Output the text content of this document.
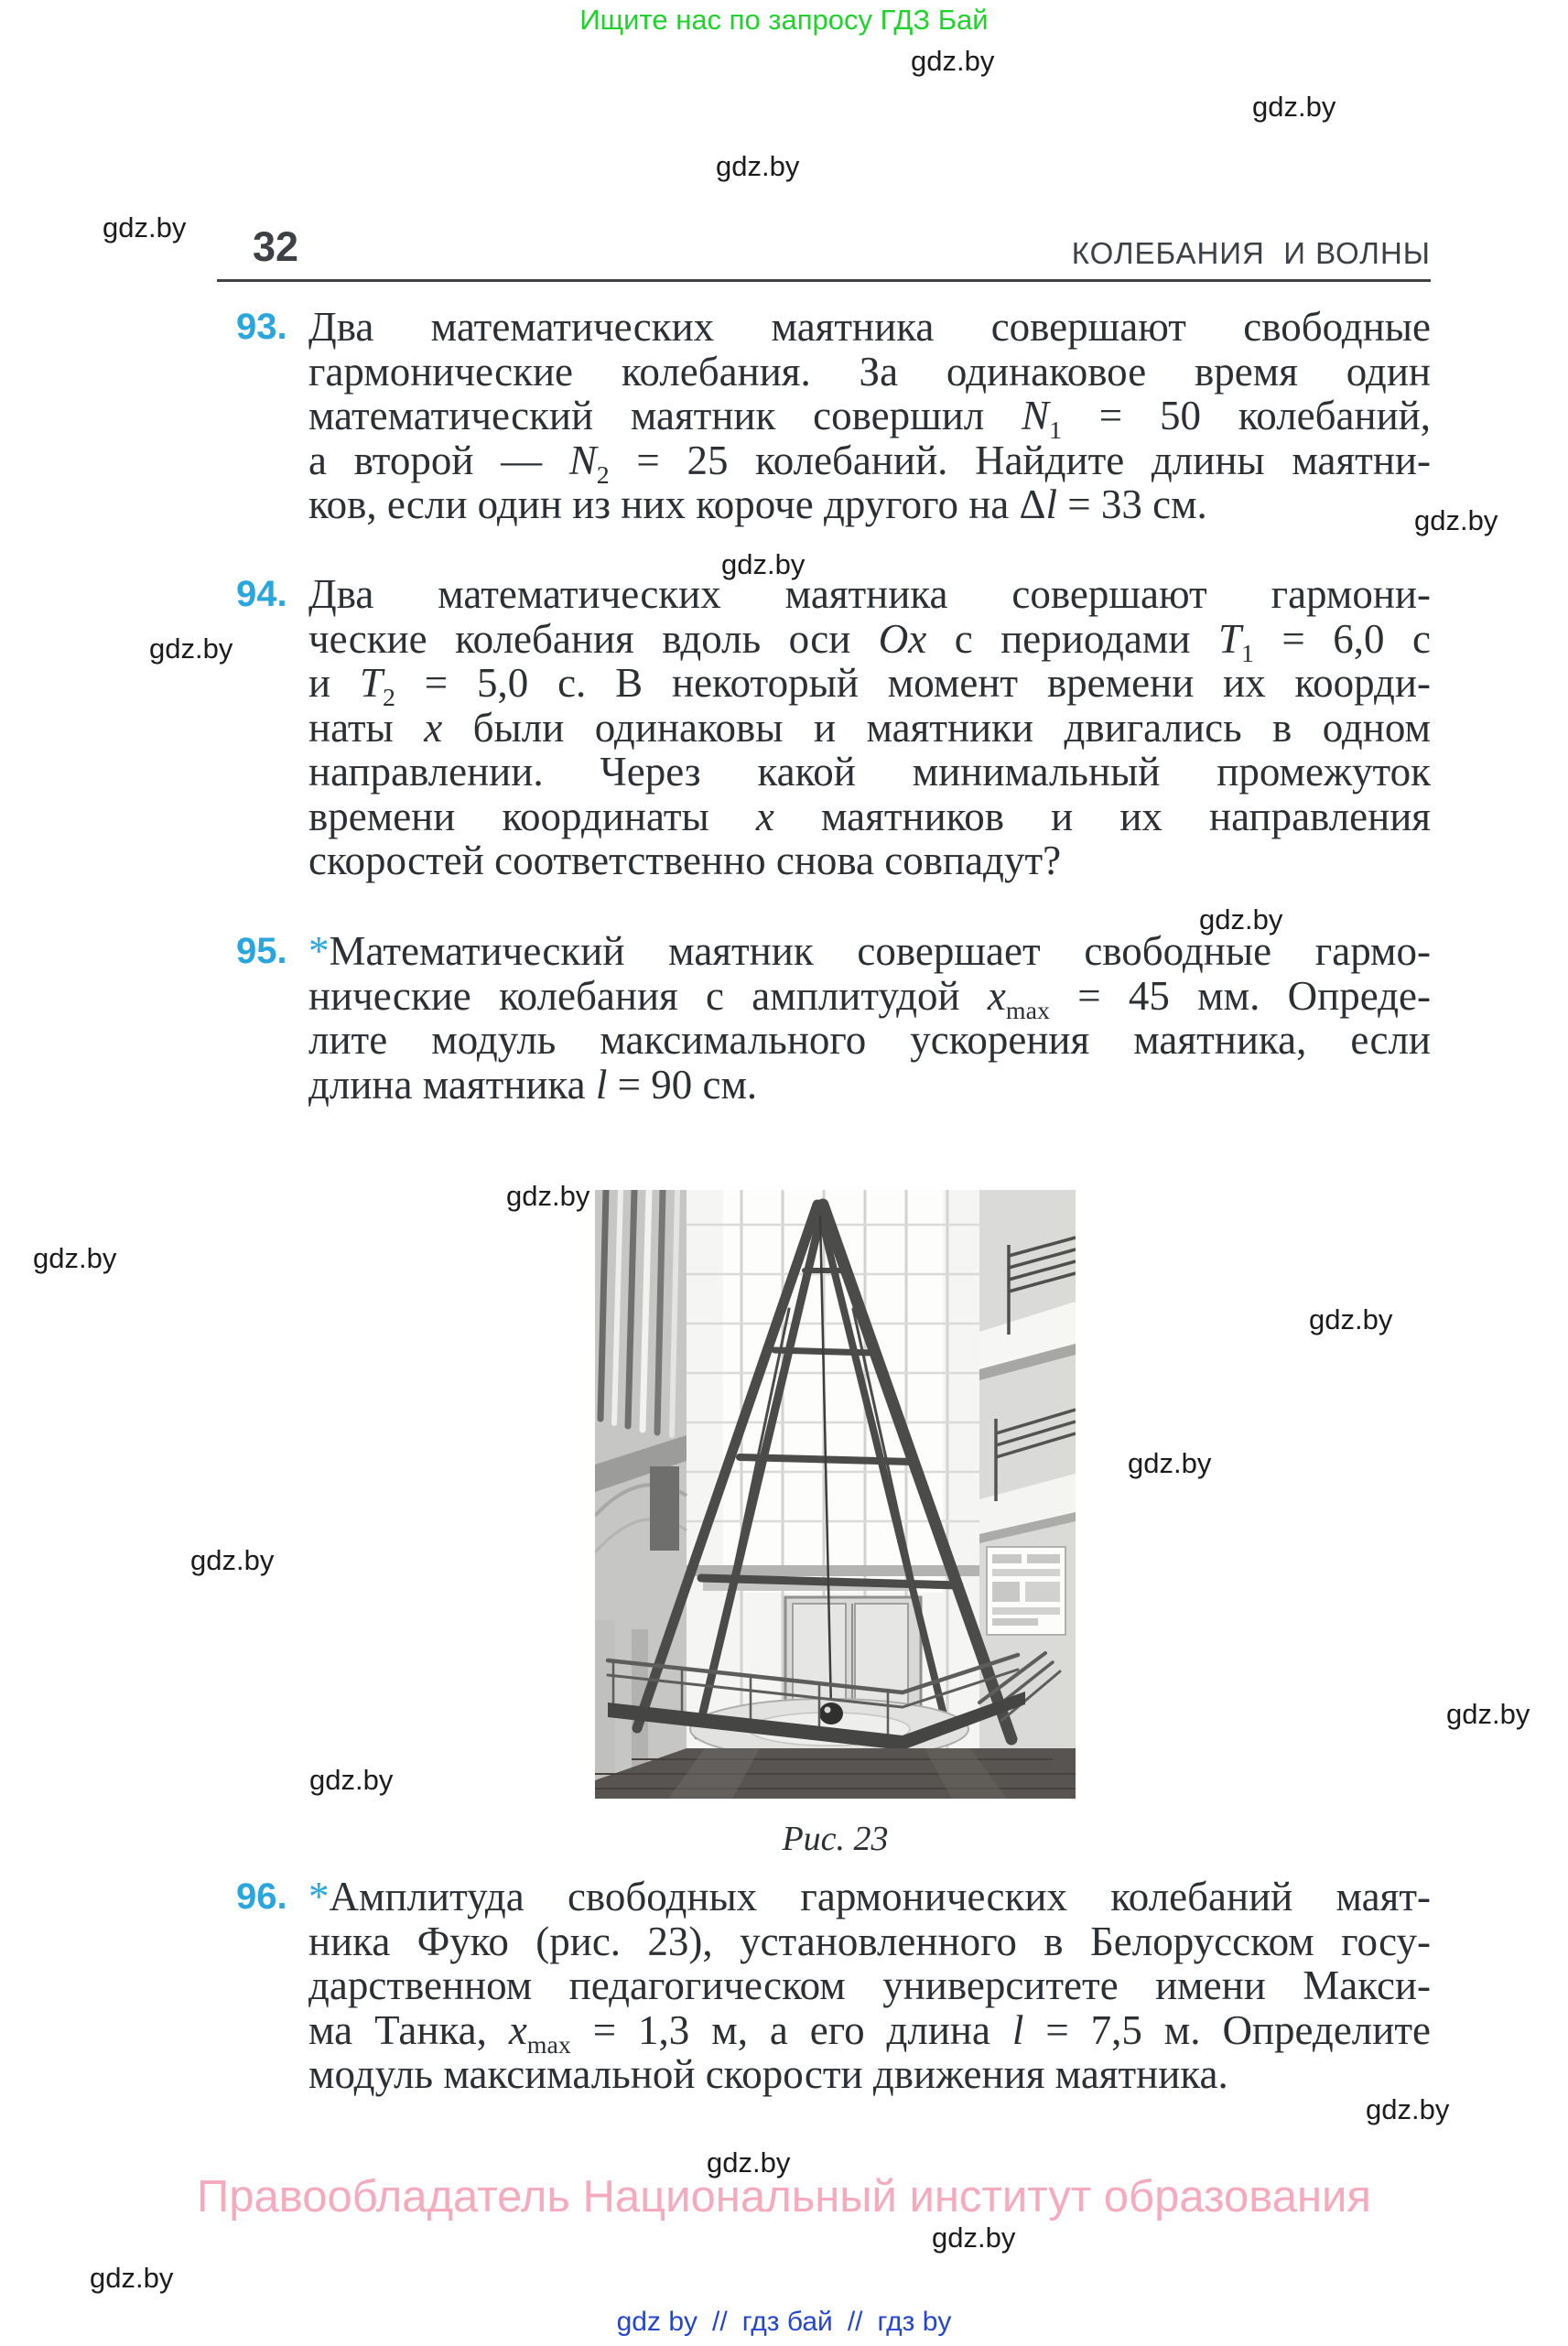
Ищите нас по запросу ГДЗ Бай
32	КОЛЕБАНИЯ  И ВОЛНЫ
93. Два математических маятника совершают свободные
гармонические колебания. За одинаковое время один
математический маятник совершил $N_1 = 50$ колебаний,
а второй — $N_2 = 25$ колебаний. Найдите длины маятни-
ков, если один из них короче другого на Δl = 33 см.
94. Два математических маятника совершают гармони-
ческие колебания вдоль оси Ox с периодами $T_1 = 6,0$ с
и $T_2 = 5,0$ с. В некоторый момент времени их коорди-
наты x были одинаковы и маятники двигались в одном
направлении. Через какой минимальный промежуток
времени координаты x маятников и их направления
скоростей соответственно снова совпадут?
95. *Математический маятник совершает свободные гармо-
нические колебания с амплитудой $x_{max} = 45$ мм. Опреде-
лите модуль максимального ускорения маятника, если
длина маятника l = 90 см.
96. *Амплитуда свободных гармонических колебаний маят-
ника Фуко (рис. 23), установленного в Белорусском госу-
дарственном педагогическом университете имени Макси-
ма Танка, $x_{max} = 1,3$ м, а его длина l = 7,5 м. Определите
модуль максимальной скорости движения маятника.
Рис. 23
Правообладатель Национальный институт образования
gdz by // гдз бай // гдз by
gdz.by
gdz.by
gdz.by
gdz.by
gdz.by
gdz.by
gdz.by
gdz.by
gdz.by
gdz.by
gdz.by
gdz.by
gdz.by
gdz.by
gdz.by
gdz.by
gdz.by
gdz.by
gdz.by
